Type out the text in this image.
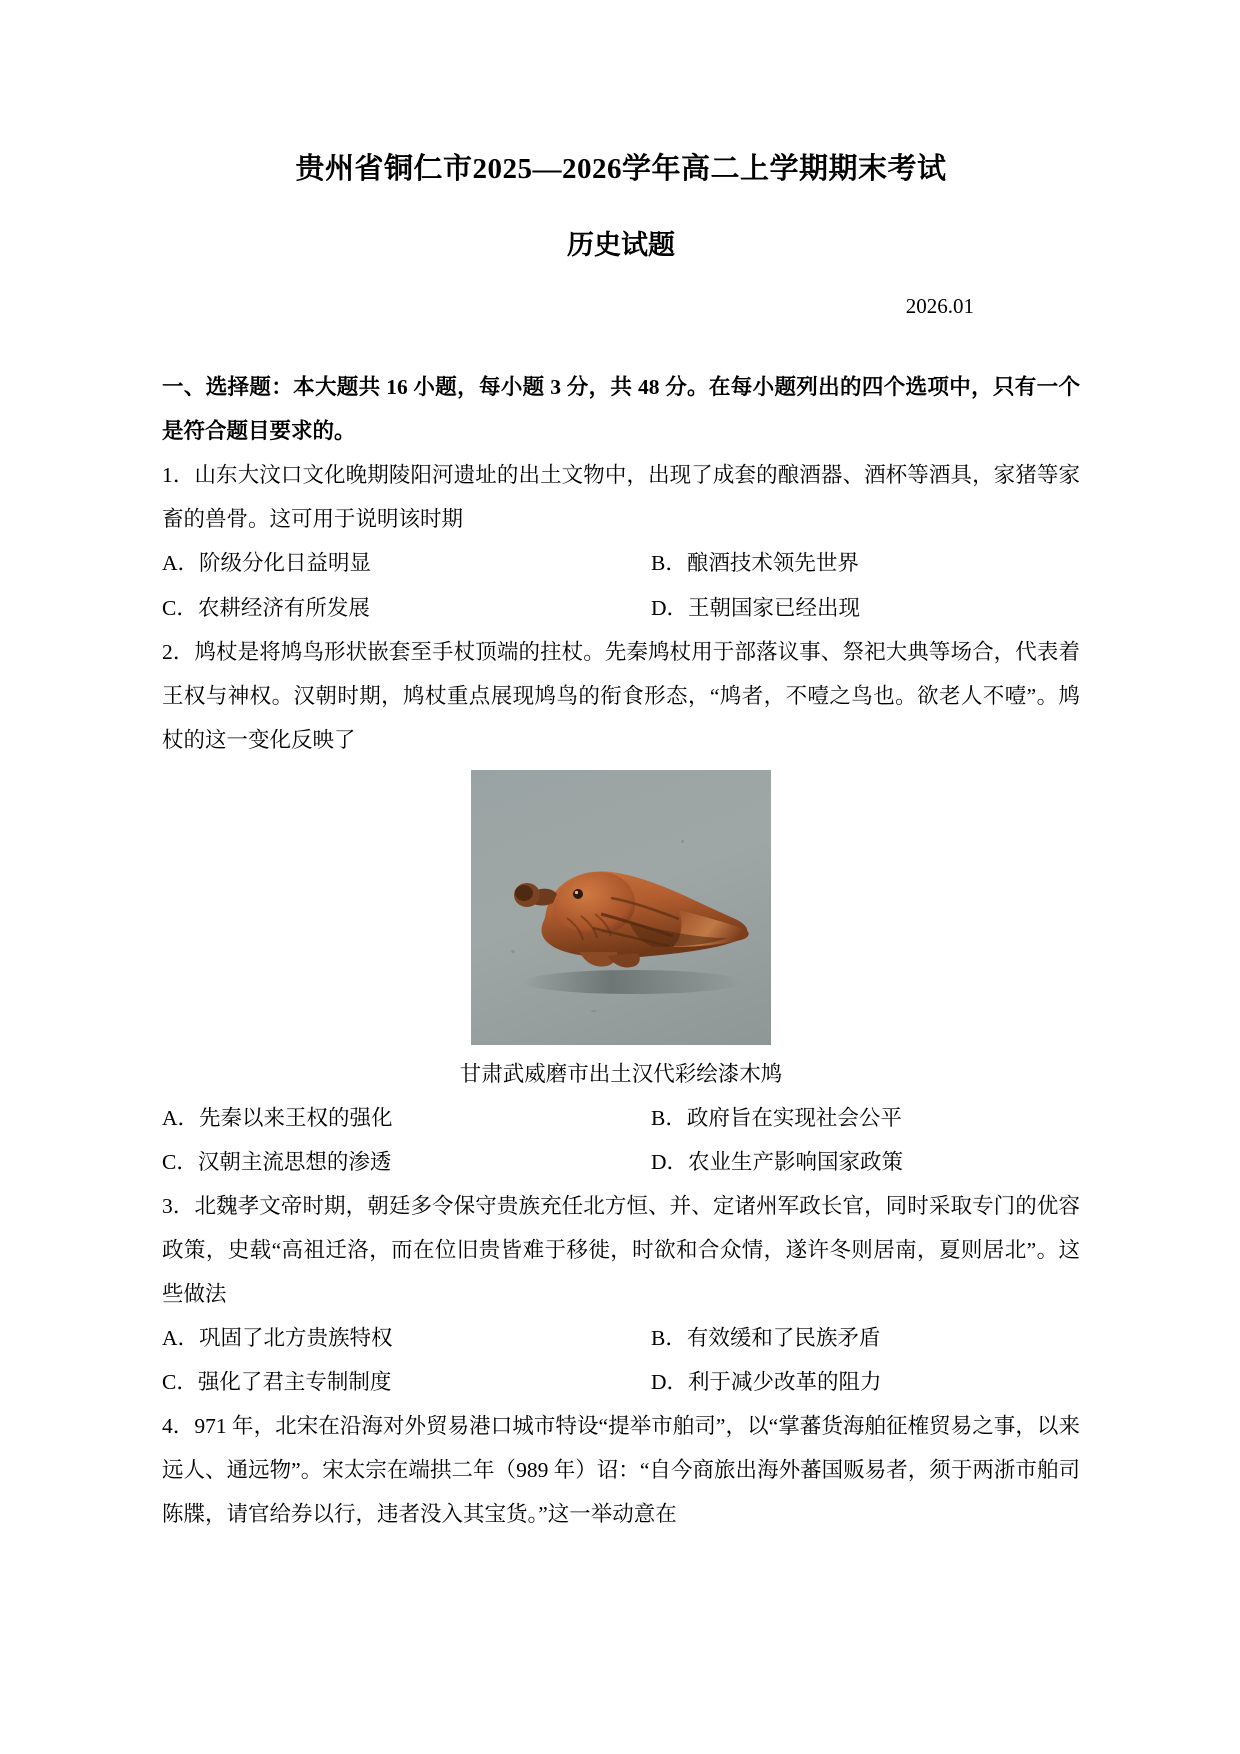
贵州省铜仁市2025—2026学年高二上学期期末考试
历史试题
2026.01
一、选择题：本大题共 16 小题，每小题 3 分，共 48 分。在每小题列出的四个选项中，只有一个是符合题目要求的。

1．山东大汶口文化晚期陵阳河遗址的出土文物中，出现了成套的酿酒器、酒杯等酒具，家猪等家畜的兽骨。这可用于说明该时期

A．阶级分化日益明显	B．酿酒技术领先世界
C．农耕经济有所发展	D．王朝国家已经出现

2．鸠杖是将鸠鸟形状嵌套至手杖顶端的拄杖。先秦鸠杖用于部落议事、祭祀大典等场合，代表着王权与神权。汉朝时期，鸠杖重点展现鸠鸟的衔食形态，“鸠者，不噎之鸟也。欲老人不噎”。鸠杖的这一变化反映了

甘肃武威磨市出土汉代彩绘漆木鸠
A．先秦以来王权的强化	B．政府旨在实现社会公平
C．汉朝主流思想的渗透	D．农业生产影响国家政策

3．北魏孝文帝时期，朝廷多令保守贵族充任北方恒、并、定诸州军政长官，同时采取专门的优容政策，史载“高祖迁洛，而在位旧贵皆难于移徙，时欲和合众情，遂许冬则居南，夏则居北”。这些做法

A．巩固了北方贵族特权	B．有效缓和了民族矛盾
C．强化了君主专制制度	D．利于减少改革的阻力

4．971 年，北宋在沿海对外贸易港口城市特设“提举市舶司”，以“掌蕃货海舶征榷贸易之事，以来远人、通远物”。宋太宗在端拱二年（989 年）诏：“自今商旅出海外蕃国贩易者，须于两浙市舶司陈牒，请官给券以行，违者没入其宝货。”这一举动意在
